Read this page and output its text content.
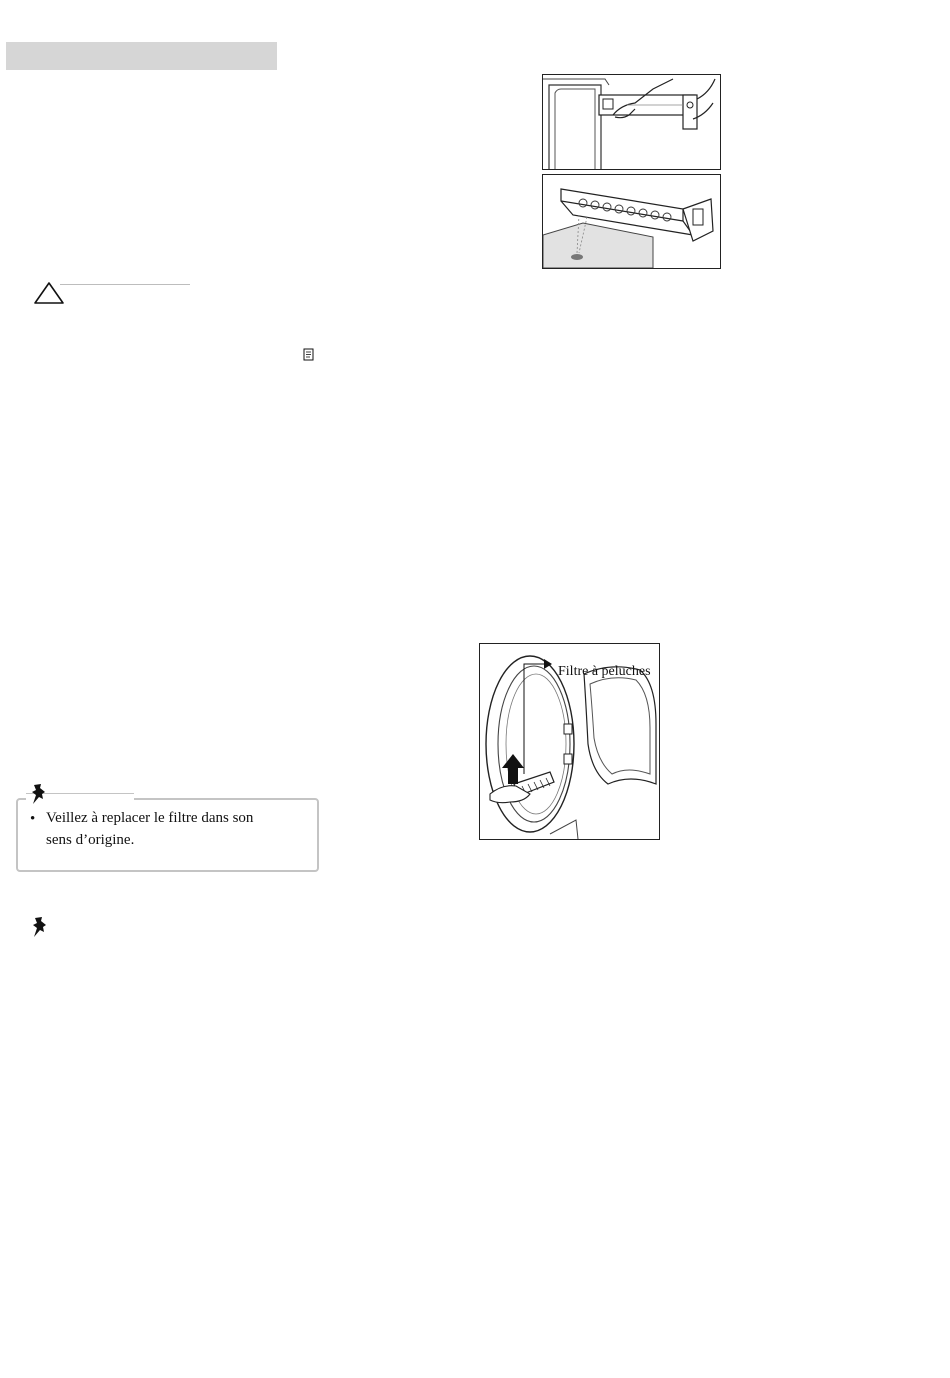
Filtre à peluches
• Veillez à replacer le filtre dans son
sens d’origine.
